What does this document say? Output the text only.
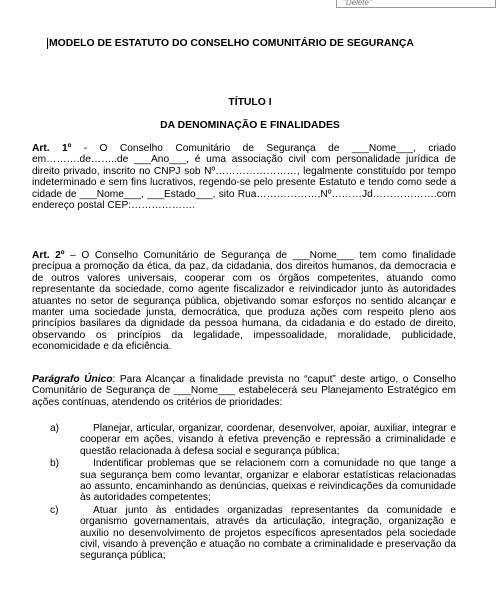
"Delete"
MODELO DE ESTATUTO DO CONSELHO COMUNITÁRIO DE SEGURANÇA
TÍTULO I
DA DENOMINAÇÃO E FINALIDADES
Art. 1º - O Conselho Comunitário de Segurança de ___Nome___, criado em……….de……..de ___Ano___, é uma associação civil com personalidade jurídica de direito privado, inscrito no CNPJ sob Nº……………………, legalmente constituído por tempo indeterminado e sem fins lucrativos, regendo-se pelo presente Estatuto e tendo como sede a cidade de ___Nome___, ___Estado___, sito Rua………………,Nº………Jd……………….com endereço postal CEP:……………….
Art. 2º – O Conselho Comunitário de Segurança de ___Nome___ tem como finalidade precípua a promoção da ética, da paz, da cidadania, dos direitos humanos, da democracia e de outros valores universais, cooperar com os órgãos competentes, atuando como representante da sociedade, como agente fiscalizador e reivindicador junto às autoridades atuantes no setor de segurança pública, objetivando somar esforços no sentido alcançar e manter uma sociedade junsta, democrática, que produza ações com respeito pleno aos princípios basilares da dignidade da pessoa humana, da cidadania e do estado de direito, observando os princípios da legalidade, impessoalidade, moralidade, publicidade, economicidade e da eficiência.
Parágrafo Único: Para Alcançar a finalidade prevista no “caput” deste artigo, o Conselho Comunitário de Segurança de ___Nome___ estabelecerá seu Planejamento Estratégico em ações contínuas, atendendo os critérios de prioridades:
a)	Planejar, articular, organizar, coordenar, desenvolver, apoiar, auxiliar, integrar e cooperar em ações, visando à efetiva prevenção e repressão a criminalidade e questão relacionada à defesa social e segurança pública;
b)	Indentificar problemas que se relacionem com a comunidade no que tange a sua segurança bem como levantar, organizar e elaborar estatísticas relacionadas ao assunto, encaminhando as denúncias, queixas e reivindicações da comunidade às autoridades competentes;
c)	Atuar junto às entidades organizadas representantes da comunidade e organismo governamentais, através da articulação, integração, organização e auxilio no desenvolvimento de projetos específicos apresentados pela sociedade civil, visando à prevenção e atuação no combate a criminalidade e preservação da segurança pública;
